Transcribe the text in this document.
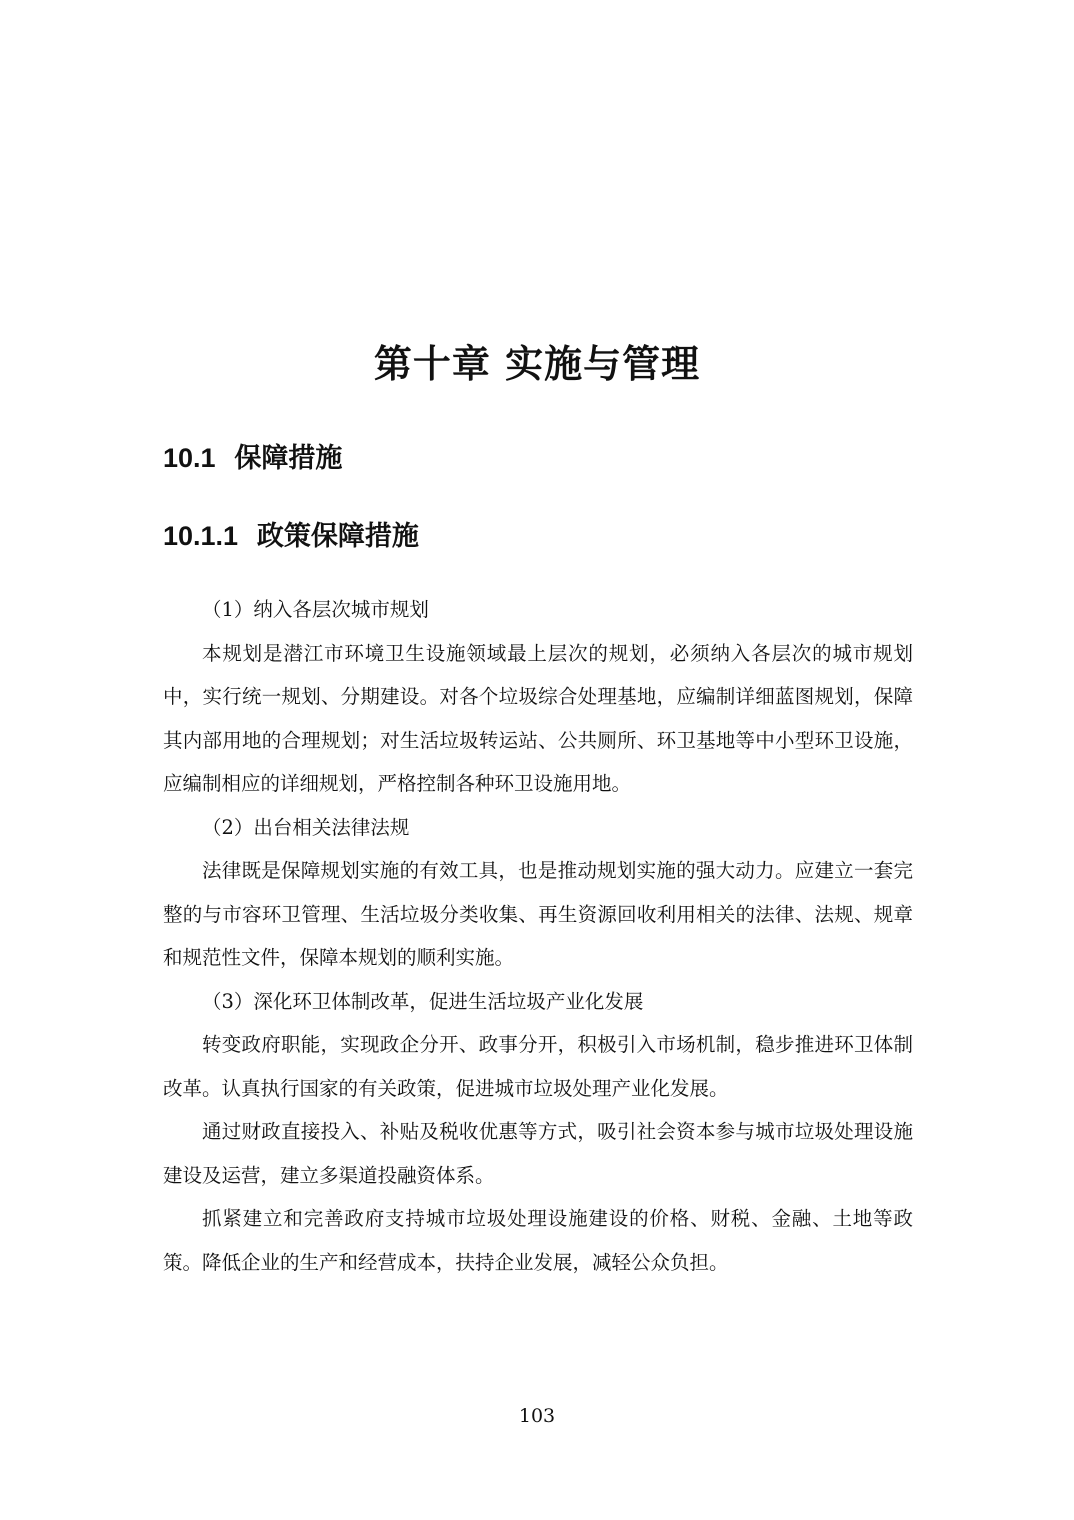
第十章 实施与管理
10.1 保障措施
10.1.1 政策保障措施

（1）纳入各层次城市规划

本规划是潜江市环境卫生设施领域最上层次的规划，必须纳入各层次的城市规划中，实行统一规划、分期建设。对各个垃圾综合处理基地，应编制详细蓝图规划，保障其内部用地的合理规划；对生活垃圾转运站、公共厕所、环卫基地等中小型环卫设施，应编制相应的详细规划，严格控制各种环卫设施用地。

（2）出台相关法律法规

法律既是保障规划实施的有效工具，也是推动规划实施的强大动力。应建立一套完整的与市容环卫管理、生活垃圾分类收集、再生资源回收利用相关的法律、法规、规章和规范性文件，保障本规划的顺利实施。

（3）深化环卫体制改革，促进生活垃圾产业化发展

转变政府职能，实现政企分开、政事分开，积极引入市场机制，稳步推进环卫体制改革。认真执行国家的有关政策，促进城市垃圾处理产业化发展。

通过财政直接投入、补贴及税收优惠等方式，吸引社会资本参与城市垃圾处理设施建设及运营，建立多渠道投融资体系。

抓紧建立和完善政府支持城市垃圾处理设施建设的价格、财税、金融、土地等政策。降低企业的生产和经营成本，扶持企业发展，减轻公众负担。

103
